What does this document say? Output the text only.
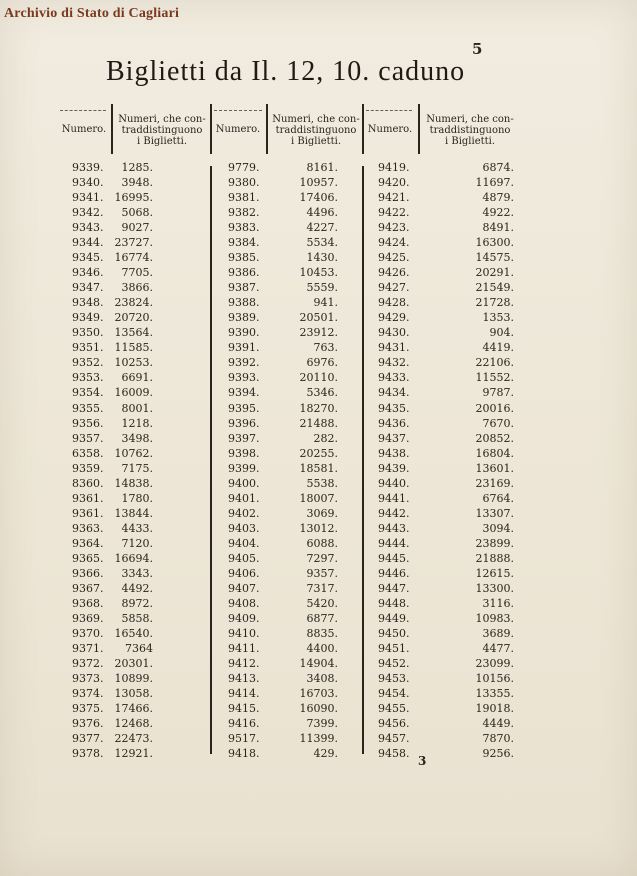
Archivio di Stato di Cagliari
5
Biglietti da Il. 12, 10. caduno
Numero.
Numeri, che con-
traddistinguono
i Biglietti.
Numero.
Numeri, che con-
traddistinguono
i Biglietti.
Numero.
Numeri, che con-
traddistinguono
i Biglietti.
9339. 1285.	9779.	8161.	9419.	6874.
9340. 3948.	9380.	10957.	9420.	11697.
9341. 16995.	9381.	17406.	9421.	4879.
9342. 5068.	9382.	4496.	9422.	4922.
9343. 9027.	9383.	4227.	9423.	8491.
9344. 23727.	9384.	5534.	9424.	16300.
9345. 16774.	9385.	1430.	9425.	14575.
9346. 7705.	9386.	10453.	9426.	20291.
9347. 3866.	9387.	5559.	9427.	21549.
9348. 23824.	9388.	941.	9428.	21728.
9349. 20720.	9389.	20501.	9429.	1353.
9350. 13564.	9390.	23912.	9430.	904.
9351. 11585.	9391.	763.	9431.	4419.
9352. 10253.	9392.	6976.	9432.	22106.
9353. 6691.	9393.	20110.	9433.	11552.
9354. 16009.	9394.	5346.	9434.	9787.
9355. 8001.	9395.	18270.	9435.	20016.
9356. 1218.	9396.	21488.	9436.	7670.
9357. 3498.	9397.	282.	9437.	20852.
6358. 10762.	9398.	20255.	9438.	16804.
9359. 7175.	9399.	18581.	9439.	13601.
8360. 14838.	9400.	5538.	9440.	23169.
9361. 1780.	9401.	18007.	9441.	6764.
9361. 13844.	9402.	3069.	9442.	13307.
9363. 4433.	9403.	13012.	9443.	3094.
9364. 7120.	9404.	6088.	9444.	23899.
9365. 16694.	9405.	7297.	9445.	21888.
9366. 3343.	9406.	9357.	9446.	12615.
9367. 4492.	9407.	7317.	9447.	13300.
9368. 8972.	9408.	5420.	9448.	3116.
9369. 5858.	9409.	6877.	9449.	10983.
9370. 16540.	9410.	8835.	9450.	3689.
9371. 7364	9411.	4400.	9451.	4477.
9372. 20301.	9412.	14904.	9452.	23099.
9373. 10899.	9413.	3408.	9453.	10156.
9374. 13058.	9414.	16703.	9454.	13355.
9375. 17466.	9415.	16090.	9455.	19018.
9376. 12468.	9416.	7399.	9456.	4449.
9377. 22473.	9517.	11399.	9457.	7870.
9378. 12921.	9418.	429.	9458.	9256.
3
